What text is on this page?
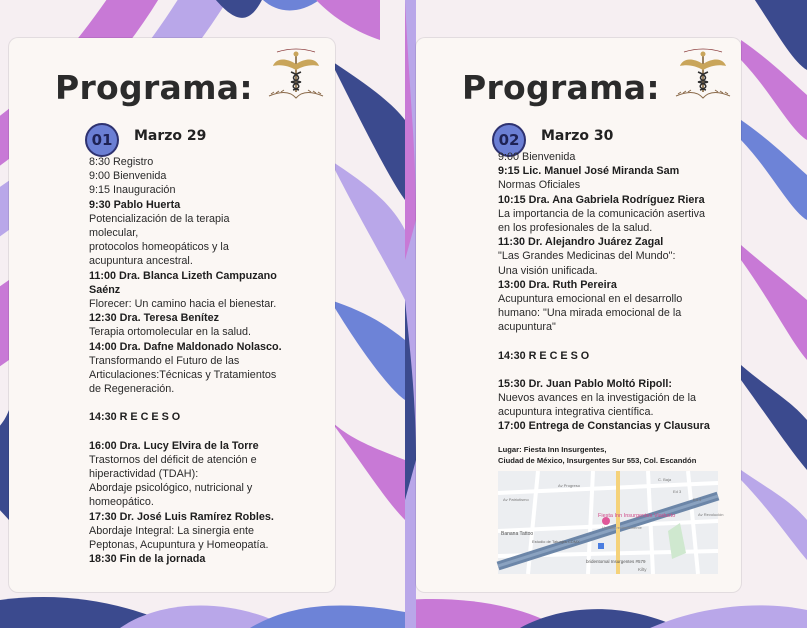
Programa:
01	Marzo 29
8:30 Registro
9:00 Bienvenida
9:15 Inauguración
9:30 Pablo Huerta
Potencialización de la terapia
molecular,
protocolos homeopáticos y la
acupuntura ancestral.
11:00 Dra. Blanca Lizeth Campuzano
Saénz
Florecer: Un camino hacia el bienestar.
12:30 Dra. Teresa Benítez
Terapia ortomolecular en la salud.
14:00 Dra. Dafne Maldonado Nolasco.
Transformando el Futuro de las
Articulaciones:Técnicas y Tratamientos
de Regeneración.
14:30 R E C E S O
16:00 Dra. Lucy Elvira de la Torre
Trastornos del déficit de atención e
hiperactividad (TDAH):
Abordaje psicológico, nutricional y
homeopático.
17:30 Dr. José Luis Ramírez Robles.
Abordaje Integral: La sinergia ente
Peptonas, Acupuntura y Homeopatía.
18:30 Fin de la jornada
Programa:
02	Marzo 30
9:00 Bienvenida
9:15 Lic. Manuel José Miranda Sam
Normas Oficiales
10:15 Dra. Ana Gabriela Rodríguez Riera
La importancia de la comunicación asertiva
en los profesionales de la salud.
11:30 Dr. Alejandro Juárez Zagal
"Las Grandes Medicinas del Mundo":
Una visión unificada.
13:00 Dra. Ruth Pereira
Acupuntura emocional en el desarrollo
humano: "Una mirada emocional de la
acupuntura"
14:30 R E C E S O
15:30 Dr. Juan Pablo Moltó Ripoll:
Nuevos avances en la investigación de la
acupuntura integrativa científica.
17:00 Entrega de Constancias y Clausura
Lugar: Fiesta Inn Insurgentes,
Ciudad de México, Insurgentes Sur 553, Col. Escandón
Fiesta Inn Insurgentes Viaducto
Vodalto recientemente
Banana Tattoo
Estudio de Tatuajes CDMX
bridentomal Insurgentes #579
Av Progreso
C. Baja
Av Patriotismo
Ed 3
Ed 4
Av Revolución
Kilty
